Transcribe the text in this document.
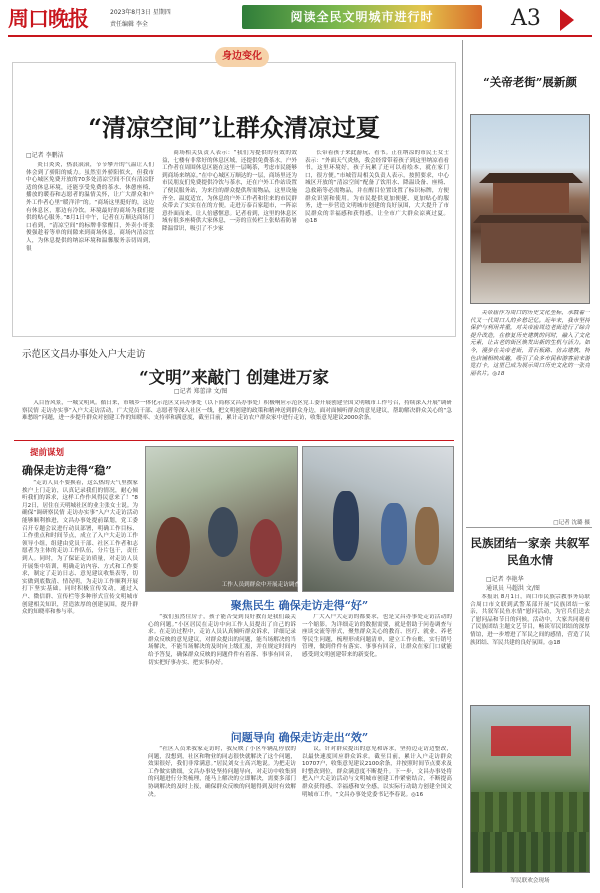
周口晚报	2023年8月3日 星期四
责任编辑 李全
阅读全民文明城市进行时	A3
身边变化
“清凉空间”让群众清凉过夏
□记者 李鹏洁

炎日炎炎，热浪滚滚，节节攀升的气温让人们体会到了骄阳的威力。虽然室外骄阳似火，但我市中心城区免费开放的70多处清凉空间不仅有清凉舒适的休息环境，还能享受免费的茶水、休憩座椅、播放的暖春和志愿者的温情关怀，让广大群众和户外工作者心里“暖洋洋”的。“商场这里挺好的，这边有休息区，那边有冷饮。环境最好的商场为我们提供的贴心服务。”8月1日中午，记者在万顺达商场门口看到，“清凉空间”的标牌非常醒目，外卖小哥张俊强趁着等单的间隙来到商场休息，商场内清凉宜人，为休息提供的纳凉环境和温馨服务亲切周到，很

商场相关负责人表示：“我们为提供的有效的效益，七楼有非常好的休息区域，还提供免费茶水，户外工作者在周围休息区能在这里一层喝茶，考虑市民能够到商场来纳凉。”在中心城区万顺达的一层，商场里还为市民朋友们免费提供冷饮与茶水，还在户外工作站设置了便民服务站，为来往的群众提供所需物品，这里设施齐全、温度适宜，为休息的户外工作者和往来的市民群众带去了实实在在的方便。走进万泰百家超市，一阵凉意扑面而来，让人倍感惬意。记者看到，这里的休息区域有很多座椅供大家休息，一旁的宣传栏上张贴着防暑降温常识，吸引了不少家

长带着孩子来此游玩、看书。正在纳凉的市民王女士表示：“外面天气炎热，我会经常带着孩子到这里纳凉看看书，这里环境好，孩子玩累了还可以看绘本，就在家门口，很方便。”市城管局相关负责人表示，按照要求，中心城区开放的“清凉空间”配备了饮用水、降温设备、座椅、急救箱等必需物品，并在醒目位置设置了标识标牌，方便群众识别和使用。为市民提供更加便捷、更加贴心的服务，进一步营造文明城市创建的良好氛围，大大提升了市民群众的幸福感和获得感，让全市广大群众凉爽过夏。◎18

示范区文昌办事处入户大走访
“文明”来敲门 创建进万家
□记者 郑蕾津 文/图

入目皆风景，一城文明风。循日来，市城乡一体化示范区文昌办事处（以下简称文昌办事处）积极响应示范区党工委开展创建全国文明城市工作号召，持续深入开展“调研察民情 走访办实事”入户大走访活动，广大党员干部、志愿者等深入社区一线，把文明创建的政策和精神送到群众身边，面对面倾听群众的意见建议，帮助解决群众关心的“急难愁盼”问题，进一步提升群众对创建工作的知晓率、支持率和满意度，截至目前，累计走访农户群众家中进行走访，收集意见建议2000余条。

提前谋划
确保走访走得“稳”

“走访人员不要换着，这么热的天气里挨家挨户上门走访，认真记录我们的情况，耐心倾听我们的诉求，这样工作作风得民意来了！”8月2日，居住在天明城社区的业主张女士说。为确保“调研察民情 走访办实事”入户大走访活动能够顺利推进，文昌办事处提前谋划，党工委召开专题会议进行动员部署，明确工作目标、工作重点和时间节点，成立了入户大走访工作领导小组，组建由党员干部、社区工作者和志愿者为主体的走访工作队伍，分片包干，责任到人。同时，为了保证走访质量，对走访人员开展集中培训，明确走访内容、方式和工作要求，制定了走访日志、意见建议收集表等，切实做到底数清、情况明，为走访工作顺利开展打下坚实基础。同时积极宣传发动，通过入户、微信群、宣传栏等多种形式宣传文明城市创建相关知识，营造浓厚的创建氛围，提升群众的知晓率和参与率。

工作人员到群众中开展走访调查
聚焦民生 确保走访走得“好”

“我们虽然住房子，孩子能否受到良好教育是我们最关心的问题。”小区居民在走访中向工作人员提出了自己的诉求。在走访过程中，走访人员认真倾听群众诉求，详细记录群众反映的意见建议，对群众提出的问题，能当场解决的当场解决，不能当场解决的及时向上级汇报，并在规定时间内给予答复，确保群众反映的问题件件有着落、事事有回音，切实把好事办实、把实事办好。

广大入户大走访的都要求，也是文昌办事处走访活动的一个缩影。为详细走访的数据需要，就是借助于问卷调查与座谈交流等形式，聚焦群众关心的教育、医疗、就业、养老等民生问题，梳理形成问题清单，建立工作台账，实行销号管理，做到件件有落实、事事有回音，让群众在家门口就能感受到文明创建带来的新变化。

问题导向 确保走访走出“效”

“社区人员来我家走访时，我反映了小区车辆乱停放的问题，没想到，社区和物业的同志很快就解决了这个问题，效果很好，我们非常满意。”居民刘女士高兴地说。为把走访工作做实做细，文昌办事处坚持问题导向，对走访中收集到的问题进行分类梳理，能马上解决的立即解决，需要多部门协调解决的及时上报，确保群众反映的问题得到及时有效解决。

议，针对群众提出的意见和诉求，坚持边走访边整改，以最快速度回应群众诉求。截至目前，累计入户走访群众10707户，收集意见建议2100余条，并按照时间节点要求及时整改到位，群众满意度不断提升。下一步，文昌办事处将把入户大走访活动与文明城市创建工作紧密结合，不断提高群众获得感、幸福感和安全感，以实际行动助力创建全国文明城市工作。“文昌办事处党委书记李春说。◎16

“关帝老街”展新颜

关帝庙作为周口的历史文化坐标，承载着一代又一代周口人的乡愁记忆。近年来，我市坚持保护与利用并重，对关帝庙周边老街进行了综合提升改造，在修复历史建筑的同时，融入了文化元素，让古老的街区焕发出新的生机与活力。如今，漫步在关帝老街，青石板路、仿古建筑、特色店铺相映成趣，吸引了众多市民和游客前来游览打卡，这里已成为展示周口历史文化的一张亮丽名片。◎18

□记者 沈璐 摄
民族团结一家亲 共叙军民鱼水情
□记者 李艳华
通讯员 马超洪 文/图

本报讯 8月1日，周口市民族宗教事务局联合周口市文联到武警某部开展“民族团结一家亲，共叙军民鱼水情”慰问活动，为官兵们送去了慰问品和节日的问候。活动中，大家共同观看了民族团结主题文艺节目，畅谈军民团结的深厚情谊，进一步增进了军民之间的感情，营造了民族团结、军民共建的良好氛围。◎18

军民联欢会现场
